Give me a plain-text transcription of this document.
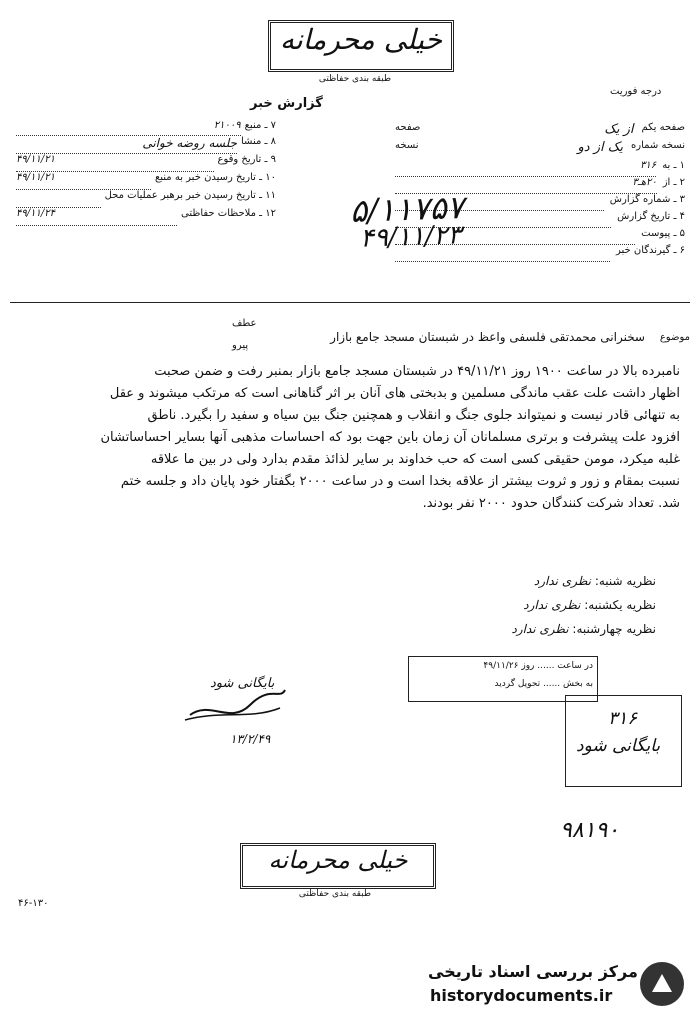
خیلی محرمانه
طبقه بندی حفاظتی
درجه فوریت
گزارش خبر
۷ ـ منبع
۲۱۰۰۹
۸ ـ منشا
جلسه روضه خوانی
۹ ـ تاریخ وقوع
۴۹/۱۱/۲۱
۱۰ ـ تاریخ رسیدن خبر به منبع
۴۹/۱۱/۲۱
۱۱ ـ تاریخ رسیدن خبر برهبر عملیات محل
۱۲ ـ ملاحظات حفاظتی
۴۹/۱۱/۲۴
صفحه یکم
از یک
صفحه
نسخه شماره
یک از دو
نسخه
۱ ـ به
۳۱۶
۲ ـ از
۲۰هـ۳
۳ ـ شماره گزارش
۴ ـ تاریخ گزارش
۵ ـ پیوست
۶ ـ گیرندگان خبر
۵/۱۱۷۵۷
۴۹/۱۱/۲۳
موضوع
سخنرانی محمدتقی فلسفی واعظ در شبستان مسجد جامع بازار
عطف
پیرو
نامبرده بالا در ساعت ۱۹۰۰ روز ۴۹/۱۱/۲۱ در شبستان مسجد جامع بازار بمنبر رفت و ضمن صحبت
اظهار داشت علت عقب ماندگی مسلمین و بدبختی های آنان بر اثر گناهانی است که مرتکب میشوند و عقل
به تنهائی قادر نیست و نمیتواند جلوی جنگ و انقلاب و همچنین جنگ بین سیاه و سفید را بگیرد. ناطق
افزود علت پیشرفت و برتری مسلمانان آن زمان باین جهت بود که احساسات مذهبی آنها بسایر احساساتشان
غلبه میکرد، مومن حقیقی کسی است که حب خداوند بر سایر لذائذ مقدم بدارد ولی در بین ما علاقه
نسبت بمقام و زور و ثروت بیشتر از علاقه بخدا است و در ساعت ۲۰۰۰ بگفتار خود پایان داد و جلسه ختم
شد. تعداد شرکت کنندگان حدود ۲۰۰۰ نفر بودند.
نظریه شنبه: نظری ندارد
نظریه یکشنبه: نظری ندارد
نظریه چهارشنبه: نظری ندارد
در ساعت ...... روز ۴۹/۱۱/۲۶
به بخش ...... تحویل گردید
بایگانی شود
۱۳/۲/۴۹
۳۱۶
بایگانی شود
۹۸۱۹۰
خیلی محرمانه
طبقه بندی حفاظتی
۴۶-۱۳۰
مرکز بررسی اسناد تاریخی
historydocuments.ir
